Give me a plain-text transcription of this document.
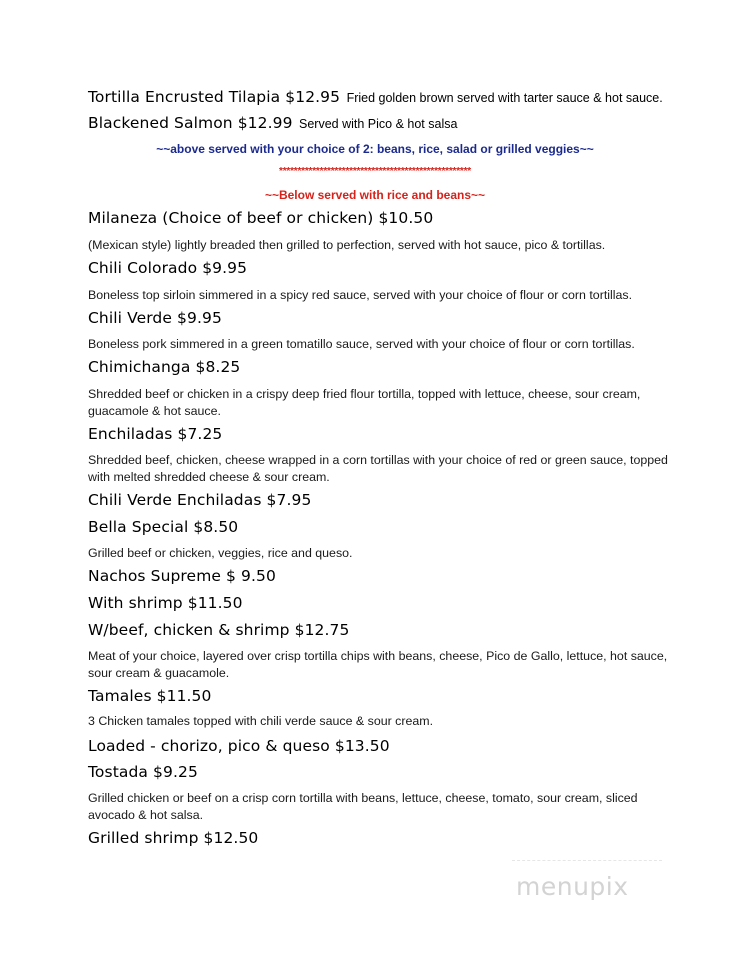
Tortilla Encrusted Tilapia $12.95 Fried golden brown served with tarter sauce & hot sauce.
Blackened Salmon $12.99 Served with Pico & hot salsa
~~above served with your choice of 2: beans, rice, salad or grilled veggies~~
****************************************************
~~Below served with rice and beans~~
Milaneza (Choice of beef or chicken) $10.50
(Mexican style) lightly breaded then grilled to perfection, served with hot sauce, pico & tortillas.
Chili Colorado $9.95
Boneless top sirloin simmered in a spicy red sauce, served with your choice of flour or corn tortillas.
Chili Verde $9.95
Boneless pork simmered in a green tomatillo sauce, served with your choice of flour or corn tortillas.
Chimichanga $8.25
Shredded beef or chicken in a crispy deep fried flour tortilla, topped with lettuce, cheese, sour cream, guacamole & hot sauce.
Enchiladas $7.25
Shredded beef, chicken, cheese wrapped in a corn tortillas with your choice of red or green sauce, topped with melted shredded cheese & sour cream.
Chili Verde Enchiladas $7.95
Bella Special $8.50
Grilled beef or chicken, veggies, rice and queso.
Nachos Supreme $ 9.50
With shrimp $11.50
W/beef, chicken & shrimp $12.75
Meat of your choice, layered over crisp tortilla chips with beans, cheese, Pico de Gallo, lettuce, hot sauce, sour cream & guacamole.
Tamales $11.50
3 Chicken tamales topped with chili verde sauce & sour cream.
Loaded - chorizo, pico & queso $13.50
Tostada $9.25
Grilled chicken or beef on a crisp corn tortilla with beans, lettuce, cheese, tomato, sour cream, sliced avocado & hot salsa.
Grilled shrimp $12.50
menupix
